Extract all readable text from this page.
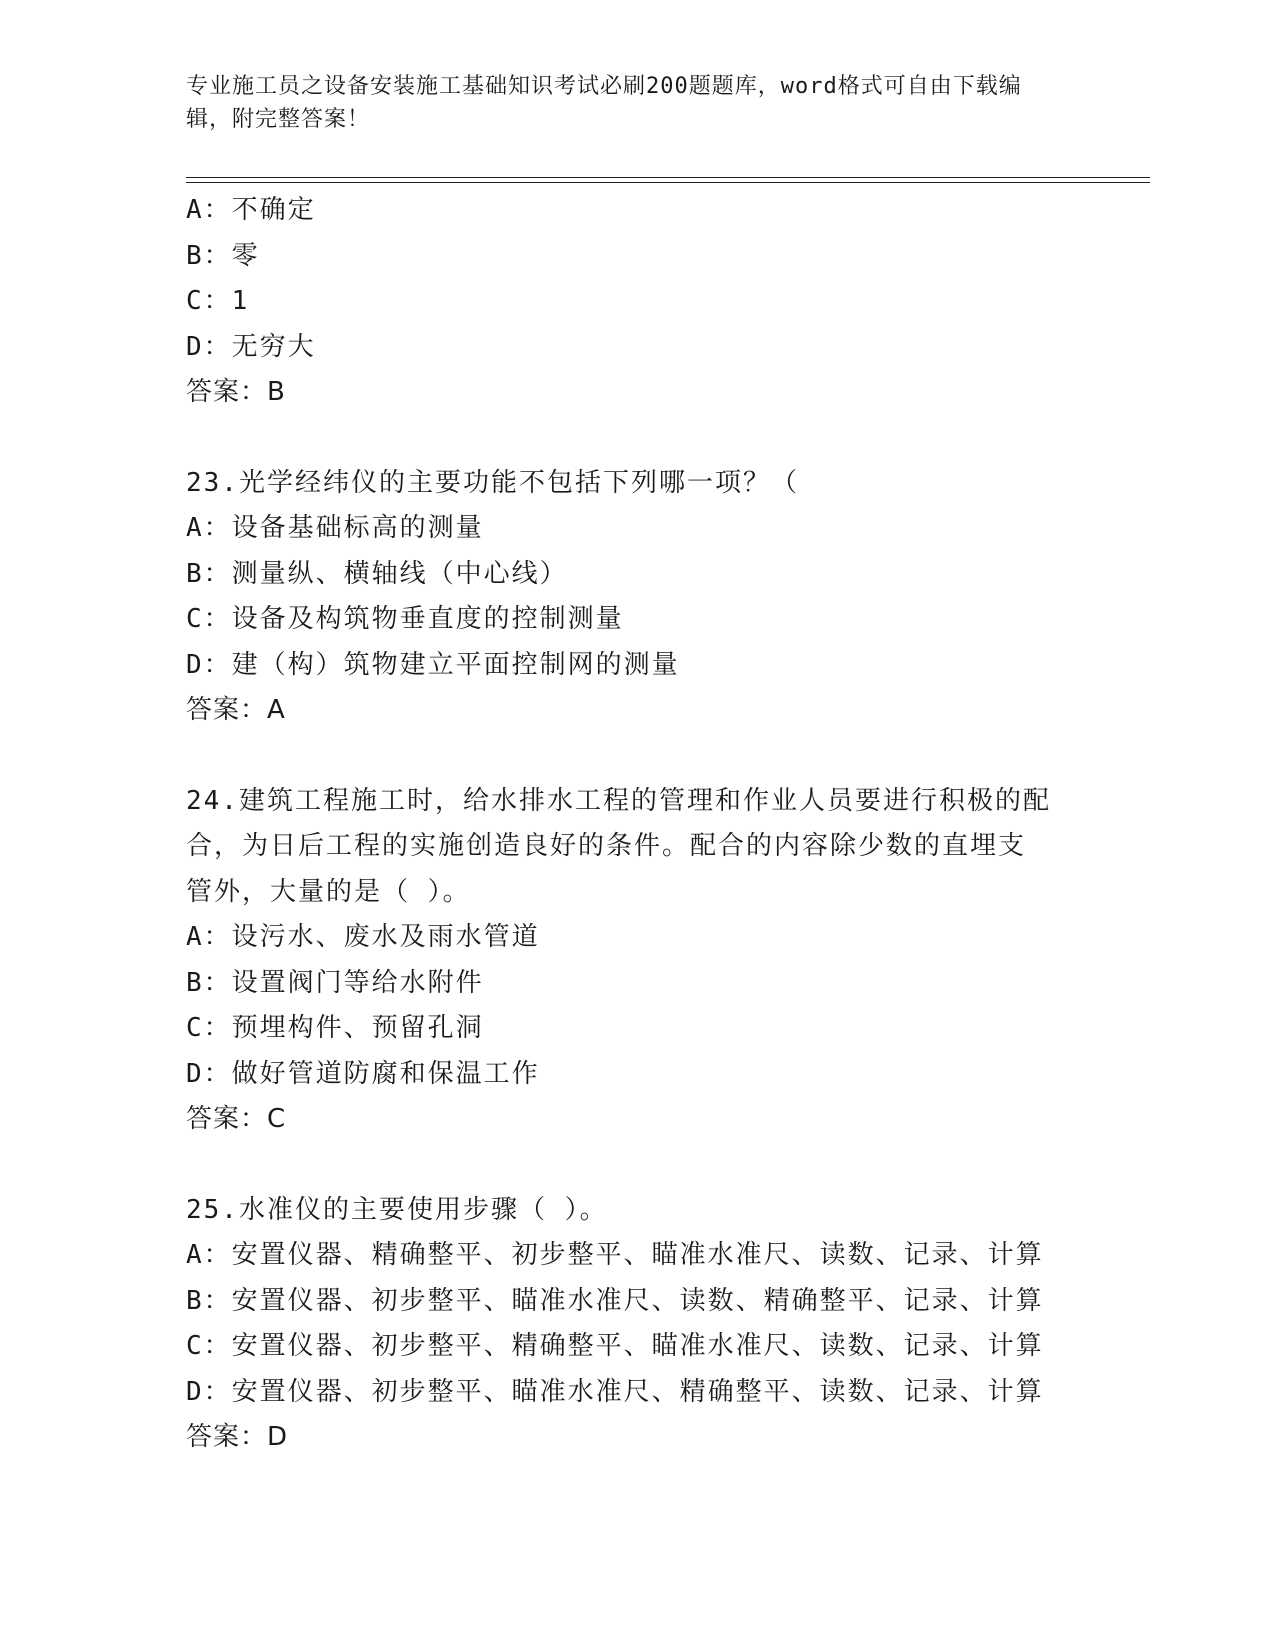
专业施工员之设备安装施工基础知识考试必刷200题题库，word格式可自由下载编辑，附完整答案！
A：不确定
B：零
C：1
D：无穷大
答案：B
23.光学经纬仪的主要功能不包括下列哪一项？（
A：设备基础标高的测量
B：测量纵、横轴线（中心线）
C：设备及构筑物垂直度的控制测量
D：建（构）筑物建立平面控制网的测量
答案：A
24.建筑工程施工时，给水排水工程的管理和作业人员要进行积极的配
合，为日后工程的实施创造良好的条件。配合的内容除少数的直埋支
管外，大量的是（ ）。
A：设污水、废水及雨水管道
B：设置阀门等给水附件
C：预埋构件、预留孔洞
D：做好管道防腐和保温工作
答案：C
25.水准仪的主要使用步骤（ ）。
A：安置仪器、精确整平、初步整平、瞄准水准尺、读数、记录、计算
B：安置仪器、初步整平、瞄准水准尺、读数、精确整平、记录、计算
C：安置仪器、初步整平、精确整平、瞄准水准尺、读数、记录、计算
D：安置仪器、初步整平、瞄准水准尺、精确整平、读数、记录、计算
答案：D
